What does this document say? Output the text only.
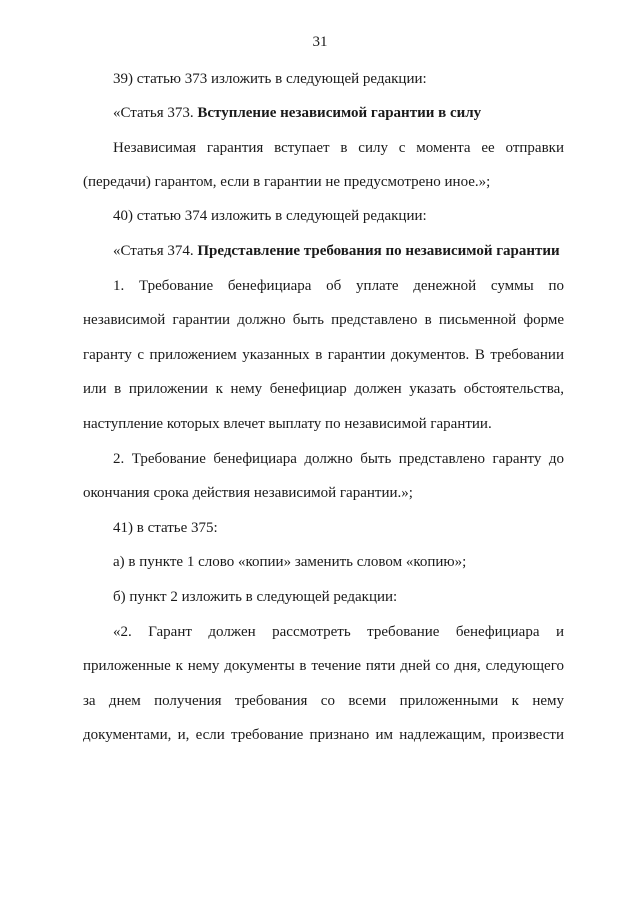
31
39) статью 373 изложить в следующей редакции:
«Статья 373. Вступление независимой гарантии в силу
Независимая гарантия вступает в силу с момента ее отправки
(передачи) гарантом, если в гарантии не предусмотрено иное.»;
40) статью 374 изложить в следующей редакции:
«Статья 374. Представление требования по независимой гарантии
1. Требование бенефициара об уплате денежной суммы по
независимой гарантии должно быть представлено в письменной форме
гаранту с приложением указанных в гарантии документов. В требовании
или в приложении к нему бенефициар должен указать обстоятельства,
наступление которых влечет выплату по независимой гарантии.
2. Требование бенефициара должно быть представлено гаранту до
окончания срока действия независимой гарантии.»;
41) в статье 375:
а) в пункте 1 слово «копии» заменить словом «копию»;
б) пункт 2 изложить в следующей редакции:
«2. Гарант должен рассмотреть требование бенефициара и
приложенные к нему документы в течение пяти дней со дня, следующего
за днем получения требования со всеми приложенными к нему
документами, и, если требование признано им надлежащим, произвести
